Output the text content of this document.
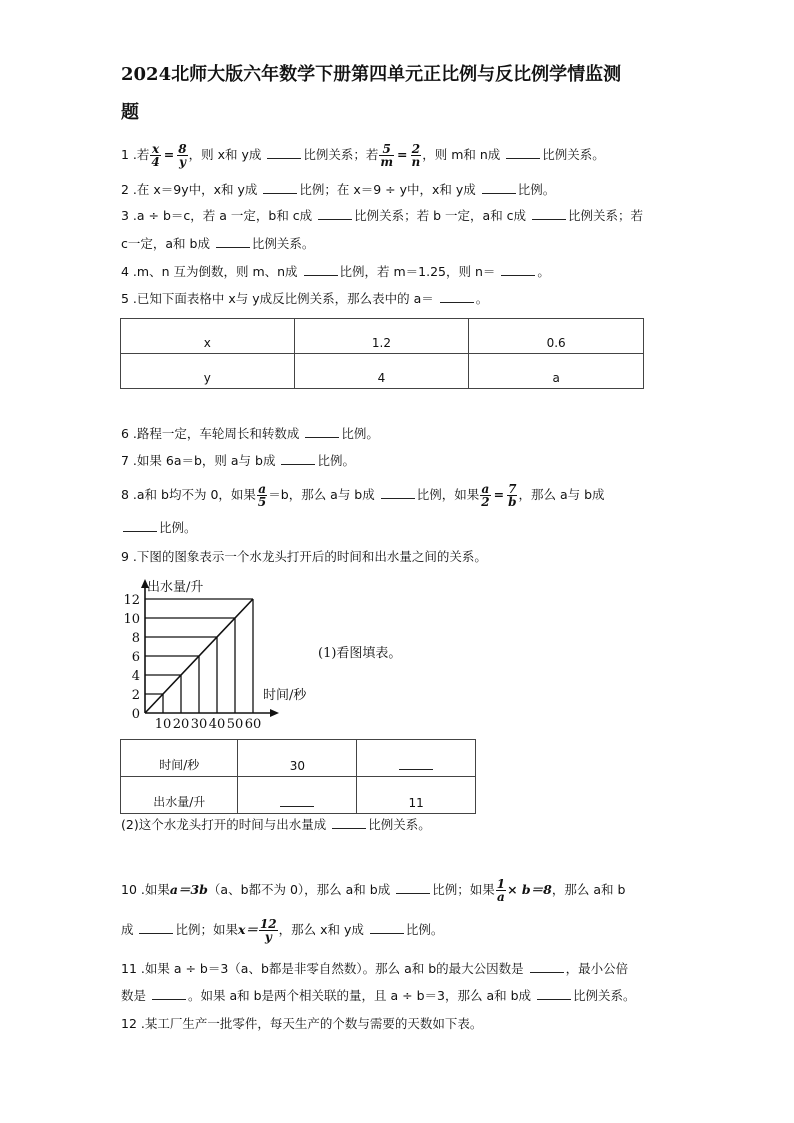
2024北师大版六年数学下册第四单元正比例与反比例学情监测
题
1 .若 $\frac{x}{4} = \frac{8}{y}$ ，则 x和 y成	比例关系；若 $\frac{5}{m} = \frac{2}{n}$ ，则 m和 n成	比例关系。
2 .在 x＝9y中，x和 y成	比例；在 x＝9 ÷ y中，x和 y成	比例。
3 .a ÷ b＝c，若 a 一定，b和 c成	比例关系；若 b 一定，a和 c成	比例关系；若
c一定，a和 b成	比例关系。
4 .m、n 互为倒数，则 m、n成	比例，若 m＝1.25，则 n＝	。
5 .已知下面表格中 x与 y成反比例关系，那么表中的 a＝	。
x	1.2	0.6
y	4	a
6 .路程一定，车轮周长和转数成	比例。
7 .如果 6a＝b，则 a与 b成	比例。
8 .a和 b均不为 0，如果 $\frac{a}{5} =b$，那么 a与 b成	比例，如果 $\frac{a}{2} = \frac{7}{b}$ ，那么 a与 b成
比例。
9 .下图的图象表示一个水龙头打开后的时间和出水量之间的关系。
出水量/升
时间/秒
0
2
4
6
8
10
12
10 20 30 40 50 60
(1)看图填表。
时间/秒	30	
出水量/升		11
(2)这个水龙头打开的时间与出水量成	比例关系。
10 .如果a＝3b（a、b都不为 0），那么 a和 b成	比例；如果 $\frac{1}{a} \times b=8$，那么 a和 b
成	比例；如果$x= \frac{12}{y}$ ，那么 x和 y成	比例。
11 .如果 a ÷ b＝3（a、b都是非零自然数）。那么 a和 b的最大公因数是	，最小公倍
数是	。如果 a和 b是两个相关联的量，且 a ÷ b＝3，那么 a和 b成	比例关系。
12 .某工厂生产一批零件，每天生产的个数与需要的天数如下表。
